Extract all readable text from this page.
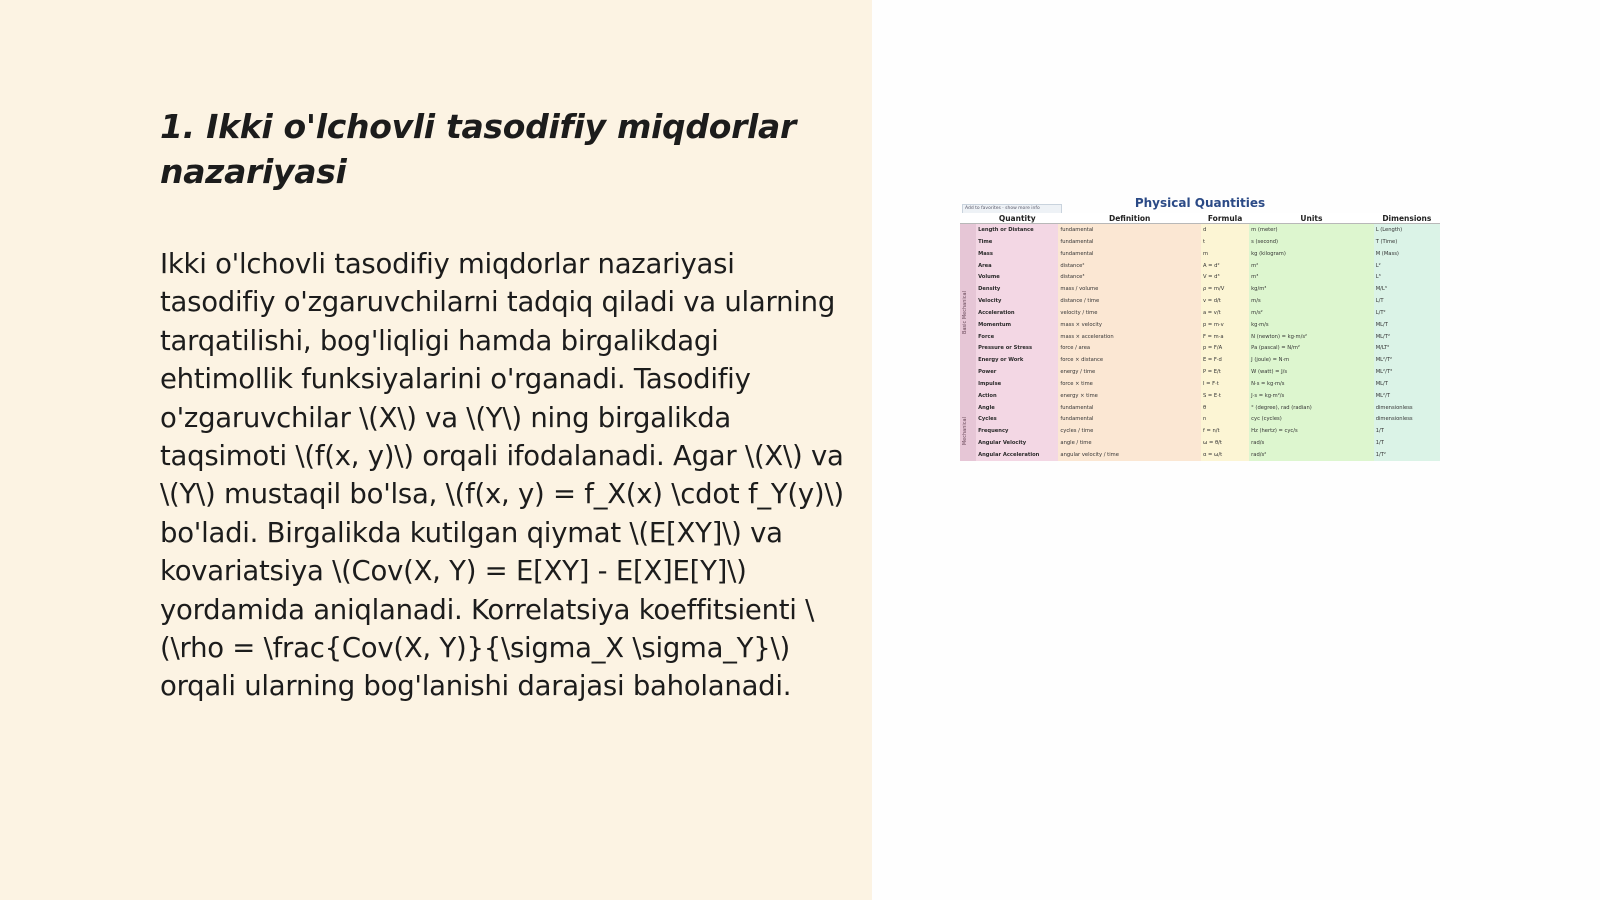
1. Ikki o'lchovli tasodifiy miqdorlar nazariyasi

Ikki o'lchovli tasodifiy miqdorlar nazariyasi tasodifiy o'zgaruvchilarni tadqiq qiladi va ularning tarqatilishi, bog'liqligi hamda birgalikdagi ehtimollik funksiyalarini o'rganadi. Tasodifiy o'zgaruvchilar \(X\) va \(Y\) ning birgalikda taqsimoti \(f(x, y)\) orqali ifodalanadi. Agar \(X\) va \(Y\) mustaqil bo'lsa, \(f(x, y) = f_X(x) \cdot f_Y(y)\) bo'ladi. Birgalikda kutilgan qiymat \(E[XY]\) va kovariatsiya \(Cov(X, Y) = E[XY] - E[X]E[Y]\) yordamida aniqlanadi. Korrelatsiya koeffitsienti \(\rho = \frac{Cov(X, Y)}{\sigma_X \sigma_Y}\) orqali ularning bog'lanishi darajasi baholanadi.

Physical Quantities
Add to favorites · show more info
	Quantity	Definition	Formula	Units	Dimensions

Basic Mechanical	Length or Distance	fundamental	d	m (meter)	L (Length)
	Time	fundamental	t	s (second)	T (Time)
	Mass	fundamental	m	kg (kilogram)	M (Mass)
	Area	distance²	A = d²	m²	L²
	Volume	distance³	V = d³	m³	L³
	Density	mass / volume	ρ = m/V	kg/m³	M/L³
	Velocity	distance / time	v = d/t	m/s	L/T
	Acceleration	velocity / time	a = v/t	m/s²	L/T²
	Momentum	mass × velocity	p = m·v	kg·m/s	ML/T
	Force	mass × acceleration	F = m·a	N (newton) = kg·m/s²	ML/T²
	Pressure or Stress	force / area	p = F/A	Pa (pascal) = N/m²	M/LT²
	Energy or Work	force × distance	E = F·d	J (joule) = N·m	ML²/T²
	Power	energy / time	P = E/t	W (watt) = J/s	ML²/T³
	Impulse	force × time	I = F·t	N·s = kg·m/s	ML/T
	Action	energy × time	S = E·t	J·s = kg·m²/s	ML²/T

Mechanical	Angle	fundamental	θ	° (degree), rad (radian)	dimensionless
	Cycles	fundamental	n	cyc (cycles)	dimensionless
	Frequency	cycles / time	f = n/t	Hz (hertz) = cyc/s	1/T
	Angular Velocity	angle / time	ω = θ/t	rad/s	1/T
	Angular Acceleration	angular velocity / time	α = ω/t	rad/s²	1/T²
